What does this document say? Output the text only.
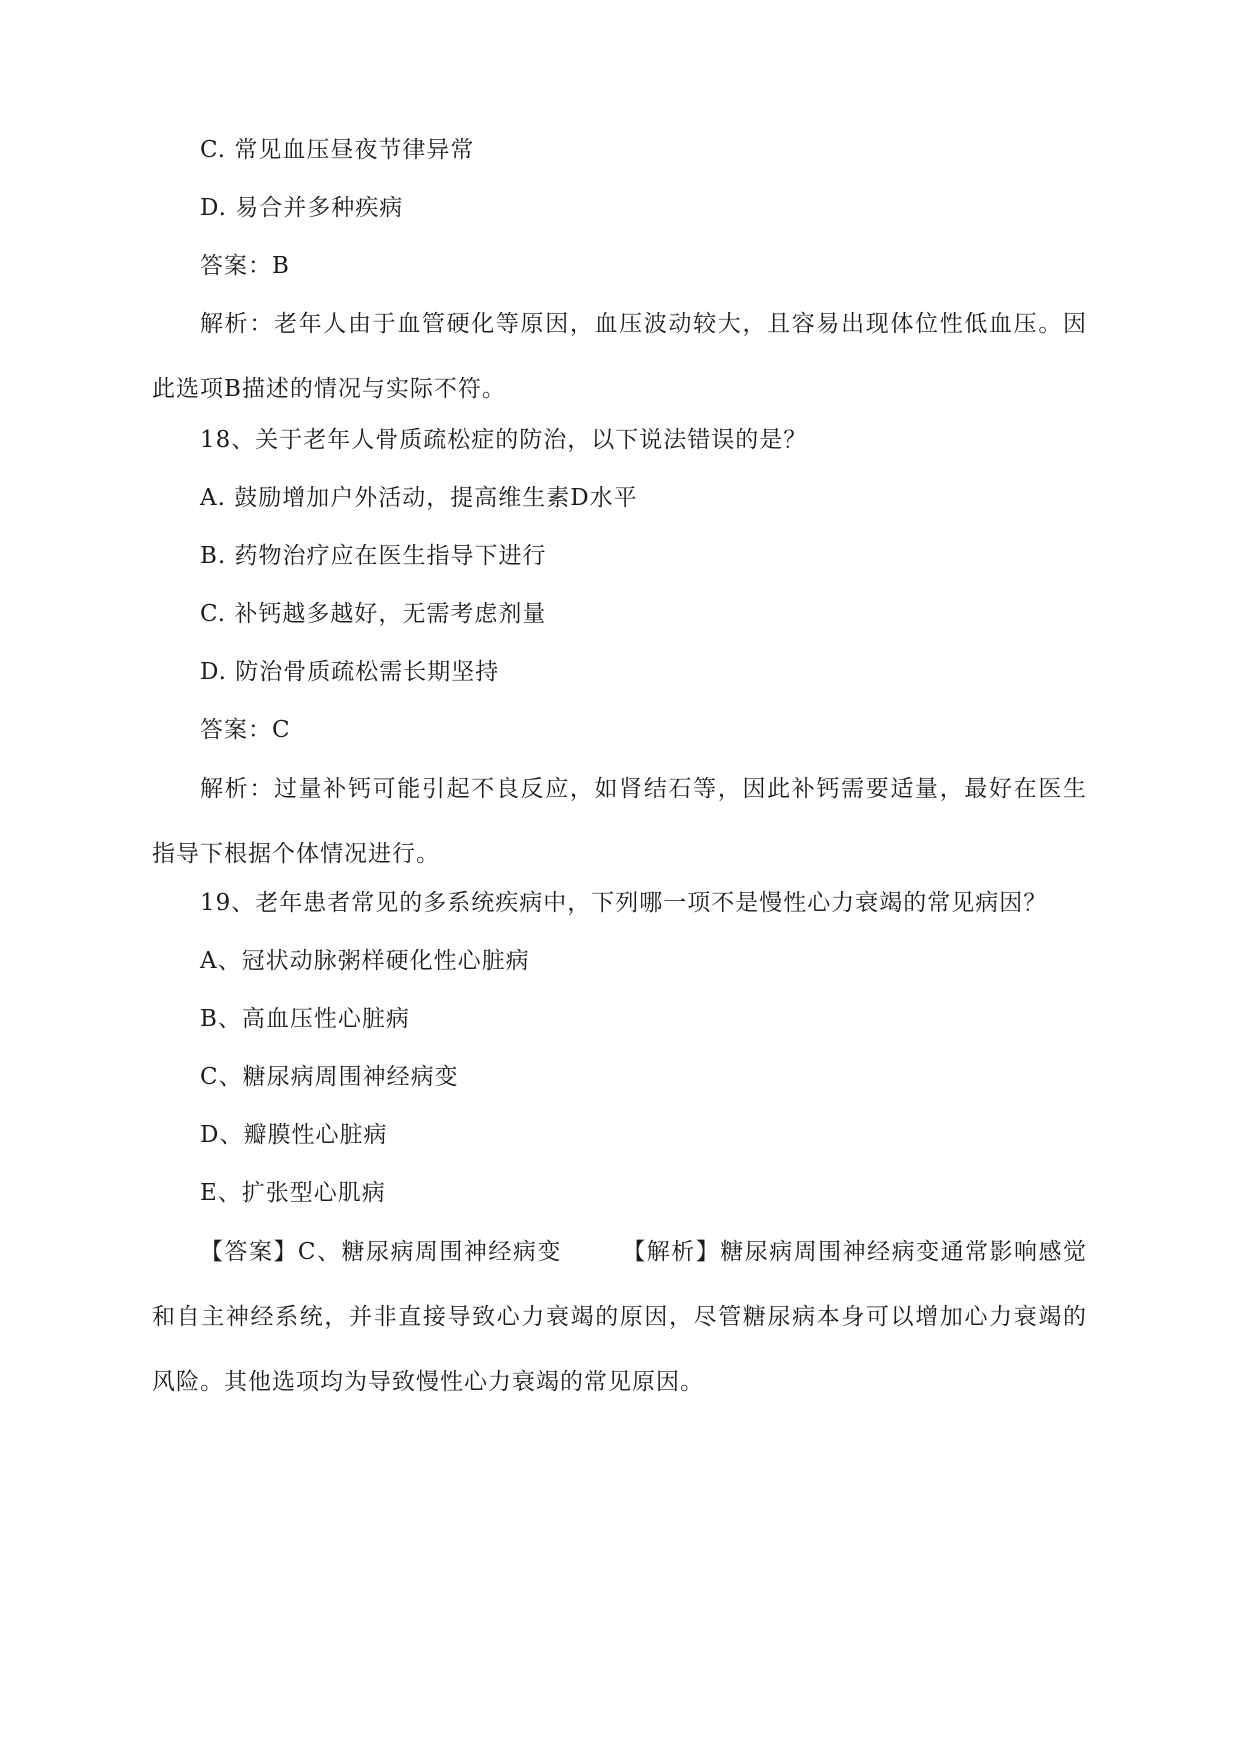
C. 常见血压昼夜节律异常
D. 易合并多种疾病
答案：B
解析：老年人由于血管硬化等原因，血压波动较大，且容易出现体位性低血压。因此选项B描述的情况与实际不符。
18、关于老年人骨质疏松症的防治，以下说法错误的是？
A. 鼓励增加户外活动，提高维生素D水平
B. 药物治疗应在医生指导下进行
C. 补钙越多越好，无需考虑剂量
D. 防治骨质疏松需长期坚持
答案：C
解析：过量补钙可能引起不良反应，如肾结石等，因此补钙需要适量，最好在医生指导下根据个体情况进行。
19、老年患者常见的多系统疾病中，下列哪一项不是慢性心力衰竭的常见病因？
A、冠状动脉粥样硬化性心脏病
B、高血压性心脏病
C、糖尿病周围神经病变
D、瓣膜性心脏病
E、扩张型心肌病
【答案】C、糖尿病周围神经病变	【解析】糖尿病周围神经病变通常影响感觉和自主神经系统，并非直接导致心力衰竭的原因，尽管糖尿病本身可以增加心力衰竭的风险。其他选项均为导致慢性心力衰竭的常见原因。
